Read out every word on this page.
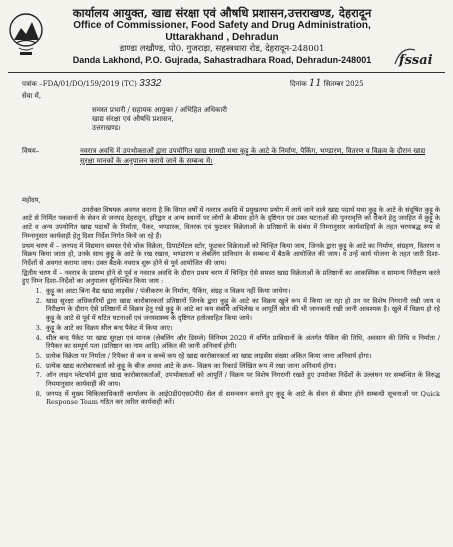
कार्यालय आयुक्त, खाद्य संरक्षा एवं औषधि प्रशासन,उत्तराखण्ड, देहरादून
Office of Commissioner, Food Safety and Drug Administration, Uttarakhand , Dehradun
डाण्डा लखौण्ड, पो0. गुजराड़ा, सहस्त्रधारा रोड, देहरादून-248001
Danda Lakhond, P.O. Gujrada, Sahastradhara Road, Dehradun-248001	fssai
पत्रांक –FDA/01/DO/159/2019 (TC) 3332	दिनांक 11 सितम्बर 2025
सेवा में,
समस्त प्रभारी / सहायक आयुक्त / अभिहित अधिकारी
खाद्य संरक्षा एवं औषधि प्रशासन,
उत्तराखण्ड।
विषय–	नवरात्र अवधि में उपभोक्ताओं द्वारा उपयोगित खाद्य सामग्री यथा कुट्टू के आटे के निर्माण, पैकिंग, भण्डारण, वितरण व विक्रय के दौरान खाद्य सुरक्षा मानकों के अनुपालन कराये जाने के सम्बन्ध में।

महोदय,

उपरोक्त विषयक अवगत कराना है कि विगत वर्षों में नवरात्र अवधि में प्रमुखतया प्रयोग में लाये जाने वाले खाद्य पदार्थ यथा कुट्टू के आटे के संदूषित कुट्टू के आटे से निर्मित पकवानों के सेवन से जनपद देहरादून, हरिद्वार व अन्य स्थानों पर लोगों के बीमार होने के दृष्टिगत एवं उक्त घटनाओं की पुनरावृत्ति को रोकने हेतु जनहित में कुट्टू के आटे व अन्य उपयोगित खाद्य पदार्थों के निर्माता, पैकर, भण्डारक, वितरक एवं फुटकर विक्रेताओं के प्रतिष्ठानों के संबंध में निम्नानुसार कार्यवाहियाँ के तहत चरणबद्ध रूप से निम्नानुसार कार्यवाही हेतु दिशा निर्देश निर्गत किये जा रहे हैं।

प्रथम चरण में – जनपद में विद्यमान समस्त ऐसे थोक विक्रेता, डिपार्टमेंटल स्टोर, फुटकर विक्रेताओं को चिन्हित किया जाय, जिनके द्वारा कुट्टू के आटे का निर्माण, संग्रहण, वितरण व विक्रय किया जाता हो, उनके साथ कुट्टू के आटे के रख रखाव, भण्डारण व लेबलिंग प्राविधान के सम्बन्ध में बैठकें आयोजित की जाय। व उन्हें कार्य योजना के तहत जारी दिशा- निर्देशों से अवगत कराया जाय। उक्त बैठकें नवरात्र शुरू होने से पूर्व आयोजित की जाय।

द्वितीय चरण में – नवरात्र के प्रारम्भ होने से पूर्व व नवरात्र अवधि के दौरान प्रथम चरण में चिन्हित ऐसे समस्त खाद्य विक्रेताओं के प्रतिष्ठानों का आकस्मिक व सामान्य निरीक्षण करते हुए निम्न दिशा–निर्देशों का अनुपालन सुनिश्चित किया जाय :

1. कुट्टू का आटा बिना वैद्य खाद्य लाइसेंस / पंजीकरण के निर्माण, पैकिंग, संग्रह व विक्रय नहीं किया जायेगा।
2. खाद्य सुरक्षा अधिकारियों द्वारा खाद्य कारोबारकर्ता प्रतिष्ठानों जिनके द्वारा कुट्टू के आटे का विक्रय खुले रूप में किया जा रहा हो उन पर विशेष निगरानी रखी जाय व निरीक्षण के दौरान ऐसे प्रतिष्ठानों में विक्रय हेतु रखे कुट्टू के आटे का कय संबंधि अभिलेख व आपूर्ति स्रोत की भी जानकारी रखी जानी आवश्यक है। खुले में विक्रय हो रहे कुट्टू के आटे से पूर्व में घटित घटनाओं एवं जनस्वास्थ्य के दृष्टिगत हतोत्साहित किया जाये।
3. कुट्टू के आटे का विक्रय सील बन्द पैकेट में किया जाए।
4. सील बन्द पैकेट पर खाद्य सुरक्षा एवं मानक (लेबलिंग और डिस्प्ले) विनियम 2020 में वर्णित प्राविधानों के अंतर्गत पैकिंग की तिथि, अवसान की तिथि व निर्माता / रिपैकर का सम्पूर्ण पता (प्रतिष्ठान का नाम आदि) अंकित की जानी अनिवार्य होगी।
5. प्रत्येक विक्रेता पर निर्माता / रिपैकर से कय व कच्चे कय रहे खाद्य कारोबारकर्ता का खाद्य लाइसेंस संख्या अंकित किया जाना अनिवार्य होगा।
6. प्रत्येक खाद्य कारोबारकर्ता को कुट्टू के बीज अथवा आटे के क्रय– विक्रय का रिकार्ड लिखित रूप में रखा जाना अनिवार्य होगा।
7. ऑन लाइन प्लेटफॉर्म द्वारा खाद्य कारोबारकर्ताओं, उपभोक्ताओं को आपूर्ति / विक्रय पर विशेष निगरानी रखते हुए उपरोक्त निर्देशों के उल्लंघन पर सम्बन्धित के विरुद्ध नियमानुसार कार्यवाही की जाय।
8. जनपद में मुख्य चिकित्साधिकारी कार्यालय के आई0डी0एस0पी0 सेल से समन्वयन बनाते हुए कुट्टू के आटे के सेवन से बीमार होने सम्बन्धी सूचनाओं पर Quick Response Team गठित कर त्वरित कार्यवाही करें।
